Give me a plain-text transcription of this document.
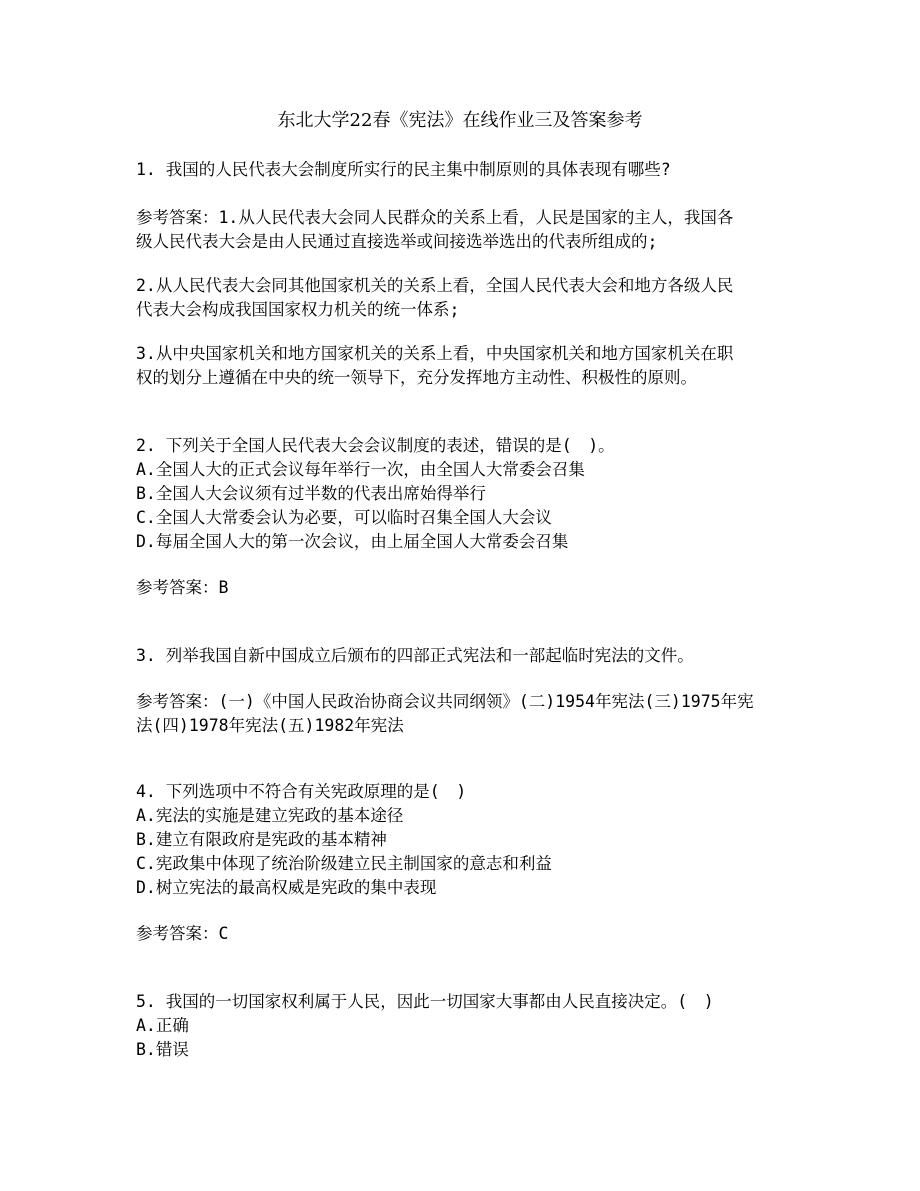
东北大学22春《宪法》在线作业三及答案参考
1. 我国的人民代表大会制度所实行的民主集中制原则的具体表现有哪些?
参考答案：1.从人民代表大会同人民群众的关系上看，人民是国家的主人，我国各
级人民代表大会是由人民通过直接选举或间接选举选出的代表所组成的;
2.从人民代表大会同其他国家机关的关系上看，全国人民代表大会和地方各级人民
代表大会构成我国国家权力机关的统一体系;
3.从中央国家机关和地方国家机关的关系上看，中央国家机关和地方国家机关在职
权的划分上遵循在中央的统一领导下，充分发挥地方主动性、积极性的原则。
2. 下列关于全国人民代表大会会议制度的表述，错误的是(　)。
A.全国人大的正式会议每年举行一次，由全国人大常委会召集
B.全国人大会议须有过半数的代表出席始得举行
C.全国人大常委会认为必要，可以临时召集全国人大会议
D.每届全国人大的第一次会议，由上届全国人大常委会召集
参考答案：B
3. 列举我国自新中国成立后颁布的四部正式宪法和一部起临时宪法的文件。
参考答案：(一)《中国人民政治协商会议共同纲领》(二)1954年宪法(三)1975年宪
法(四)1978年宪法(五)1982年宪法
4. 下列选项中不符合有关宪政原理的是(　)
A.宪法的实施是建立宪政的基本途径
B.建立有限政府是宪政的基本精神
C.宪政集中体现了统治阶级建立民主制国家的意志和利益
D.树立宪法的最高权威是宪政的集中表现
参考答案：C
5. 我国的一切国家权利属于人民，因此一切国家大事都由人民直接决定。(　)
A.正确
B.错误
